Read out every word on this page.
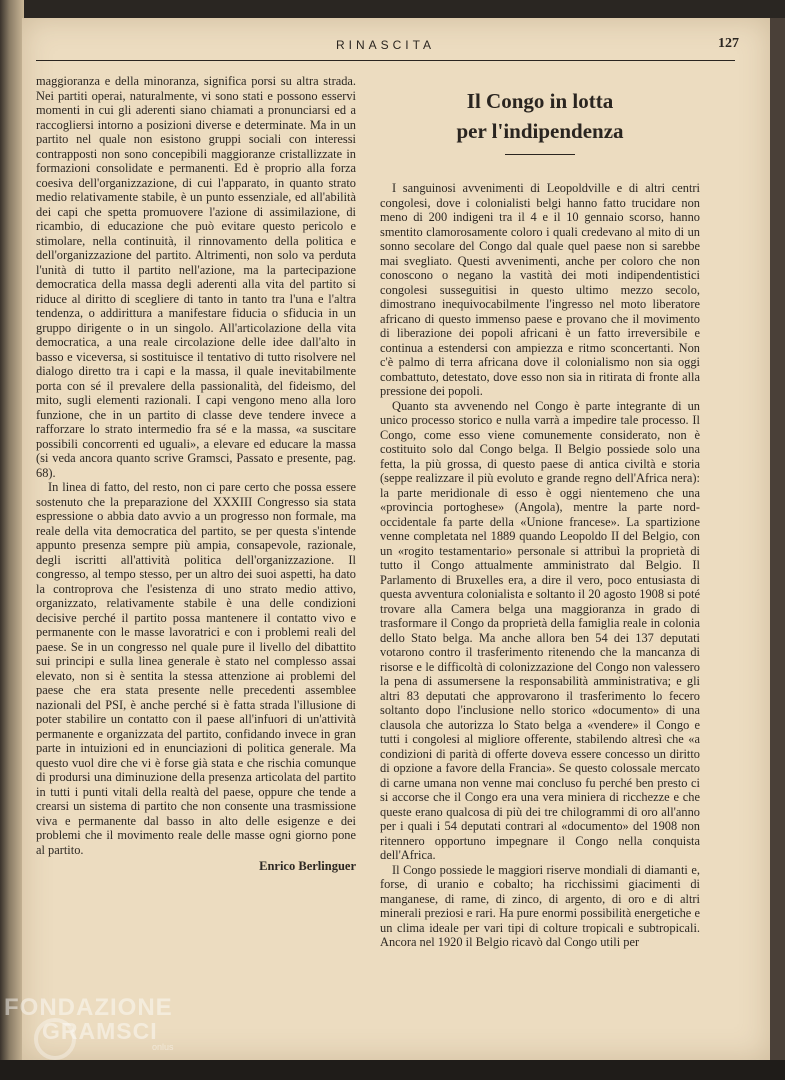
RINASCITA	127

maggioranza e della minoranza, significa porsi su altra strada. Nei partiti operai, naturalmente, vi sono stati e possono esservi momenti in cui gli aderenti siano chiamati a pronunciarsi ed a raccogliersi intorno a posizioni diverse e determinate. Ma in un partito nel quale non esistono gruppi sociali con interessi contrapposti non sono concepibili maggioranze cristallizzate in formazioni consolidate e permanenti. Ed è proprio alla forza coesiva dell'organizzazione, di cui l'apparato, in quanto strato medio relativamente stabile, è un punto essenziale, ed all'abilità dei capi che spetta promuovere l'azione di assimilazione, di ricambio, di educazione che può evitare questo pericolo e stimolare, nella continuità, il rinnovamento della politica e dell'organizzazione del partito. Altrimenti, non solo va perduta l'unità di tutto il partito nell'azione, ma la partecipazione democratica della massa degli aderenti alla vita del partito si riduce al diritto di scegliere di tanto in tanto tra l'una e l'altra tendenza, o addirittura a manifestare fiducia o sfiducia in un gruppo dirigente o in un singolo. All'articolazione della vita democratica, a una reale circolazione delle idee dall'alto in basso e viceversa, si sostituisce il tentativo di tutto risolvere nel dialogo diretto tra i capi e la massa, il quale inevitabilmente porta con sé il prevalere della passionalità, del fideismo, del mito, sugli elementi razionali. I capi vengono meno alla loro funzione, che in un partito di classe deve tendere invece a rafforzare lo strato intermedio fra sé e la massa, «a suscitare possibili concorrenti ed uguali», a elevare ed educare la massa (si veda ancora quanto scrive Gramsci, Passato e presente, pag. 68).

In linea di fatto, del resto, non ci pare certo che possa essere sostenuto che la preparazione del XXXIII Congresso sia stata espressione o abbia dato avvio a un progresso non formale, ma reale della vita democratica del partito, se per questa s'intende appunto presenza sempre più ampia, consapevole, razionale, degli iscritti all'attività politica dell'organizzazione. Il congresso, al tempo stesso, per un altro dei suoi aspetti, ha dato la controprova che l'esistenza di uno strato medio attivo, organizzato, relativamente stabile è una delle condizioni decisive perché il partito possa mantenere il contatto vivo e permanente con le masse lavoratrici e con i problemi reali del paese. Se in un congresso nel quale pure il livello del dibattito sui principi e sulla linea generale è stato nel complesso assai elevato, non si è sentita la stessa attenzione ai problemi del paese che era stata presente nelle precedenti assemblee nazionali del PSI, è anche perché si è fatta strada l'illusione di poter stabilire un contatto con il paese all'infuori di un'attività permanente e organizzata del partito, confidando invece in gran parte in intuizioni ed in enunciazioni di politica generale. Ma questo vuol dire che vi è forse già stata e che rischia comunque di prodursi una diminuzione della presenza articolata del partito in tutti i punti vitali della realtà del paese, oppure che tende a crearsi un sistema di partito che non consente una trasmissione viva e permanente dal basso in alto delle esigenze e dei problemi che il movimento reale delle masse ogni giorno pone al partito.

Enrico Berlinguer
Il Congo in lotta
per l'indipendenza

I sanguinosi avvenimenti di Leopoldville e di altri centri congolesi, dove i colonialisti belgi hanno fatto trucidare non meno di 200 indigeni tra il 4 e il 10 gennaio scorso, hanno smentito clamorosamente coloro i quali credevano al mito di un sonno secolare del Congo dal quale quel paese non si sarebbe mai svegliato. Questi avvenimenti, anche per coloro che non conoscono o negano la vastità dei moti indipendentistici congolesi susseguitisi in questo ultimo mezzo secolo, dimostrano inequivocabilmente l'ingresso nel moto liberatore africano di questo immenso paese e provano che il movimento di liberazione dei popoli africani è un fatto irreversibile e continua a estendersi con ampiezza e ritmo sconcertanti. Non c'è palmo di terra africana dove il colonialismo non sia oggi combattuto, detestato, dove esso non sia in ritirata di fronte alla pressione dei popoli.

Quanto sta avvenendo nel Congo è parte integrante di un unico processo storico e nulla varrà a impedire tale processo. Il Congo, come esso viene comunemente considerato, non è costituito solo dal Congo belga. Il Belgio possiede solo una fetta, la più grossa, di questo paese di antica civiltà e storia (seppe realizzare il più evoluto e grande regno dell'Africa nera): la parte meridionale di esso è oggi nientemeno che una «provincia portoghese» (Angola), mentre la parte nord-occidentale fa parte della «Unione francese». La spartizione venne completata nel 1889 quando Leopoldo II del Belgio, con un «rogito testamentario» personale si attribuì la proprietà di tutto il Congo attualmente amministrato dal Belgio. Il Parlamento di Bruxelles era, a dire il vero, poco entusiasta di questa avventura colonialista e soltanto il 20 agosto 1908 si poté trovare alla Camera belga una maggioranza in grado di trasformare il Congo da proprietà della famiglia reale in colonia dello Stato belga. Ma anche allora ben 54 dei 137 deputati votarono contro il trasferimento ritenendo che la mancanza di risorse e le difficoltà di colonizzazione del Congo non valessero la pena di assumersene la responsabilità amministrativa; e gli altri 83 deputati che approvarono il trasferimento lo fecero soltanto dopo l'inclusione nello storico «documento» di una clausola che autorizza lo Stato belga a «vendere» il Congo e tutti i congolesi al migliore offerente, stabilendo altresì che «a condizioni di parità di offerte doveva essere concesso un diritto di opzione a favore della Francia». Se questo colossale mercato di carne umana non venne mai concluso fu perché ben presto ci si accorse che il Congo era una vera miniera di ricchezze e che queste erano qualcosa di più dei tre chilogrammi di oro all'anno per i quali i 54 deputati contrari al «documento» del 1908 non ritennero opportuno impegnare il Congo nella conquista dell'Africa.

Il Congo possiede le maggiori riserve mondiali di diamanti e, forse, di uranio e cobalto; ha ricchissimi giacimenti di manganese, di rame, di zinco, di argento, di oro e di altri minerali preziosi e rari. Ha pure enormi possibilità energetiche e un clima ideale per vari tipi di colture tropicali e subtropicali. Ancora nel 1920 il Belgio ricavò dal Congo utili per

FONDAZIONE
GRAMSCI
onlus
